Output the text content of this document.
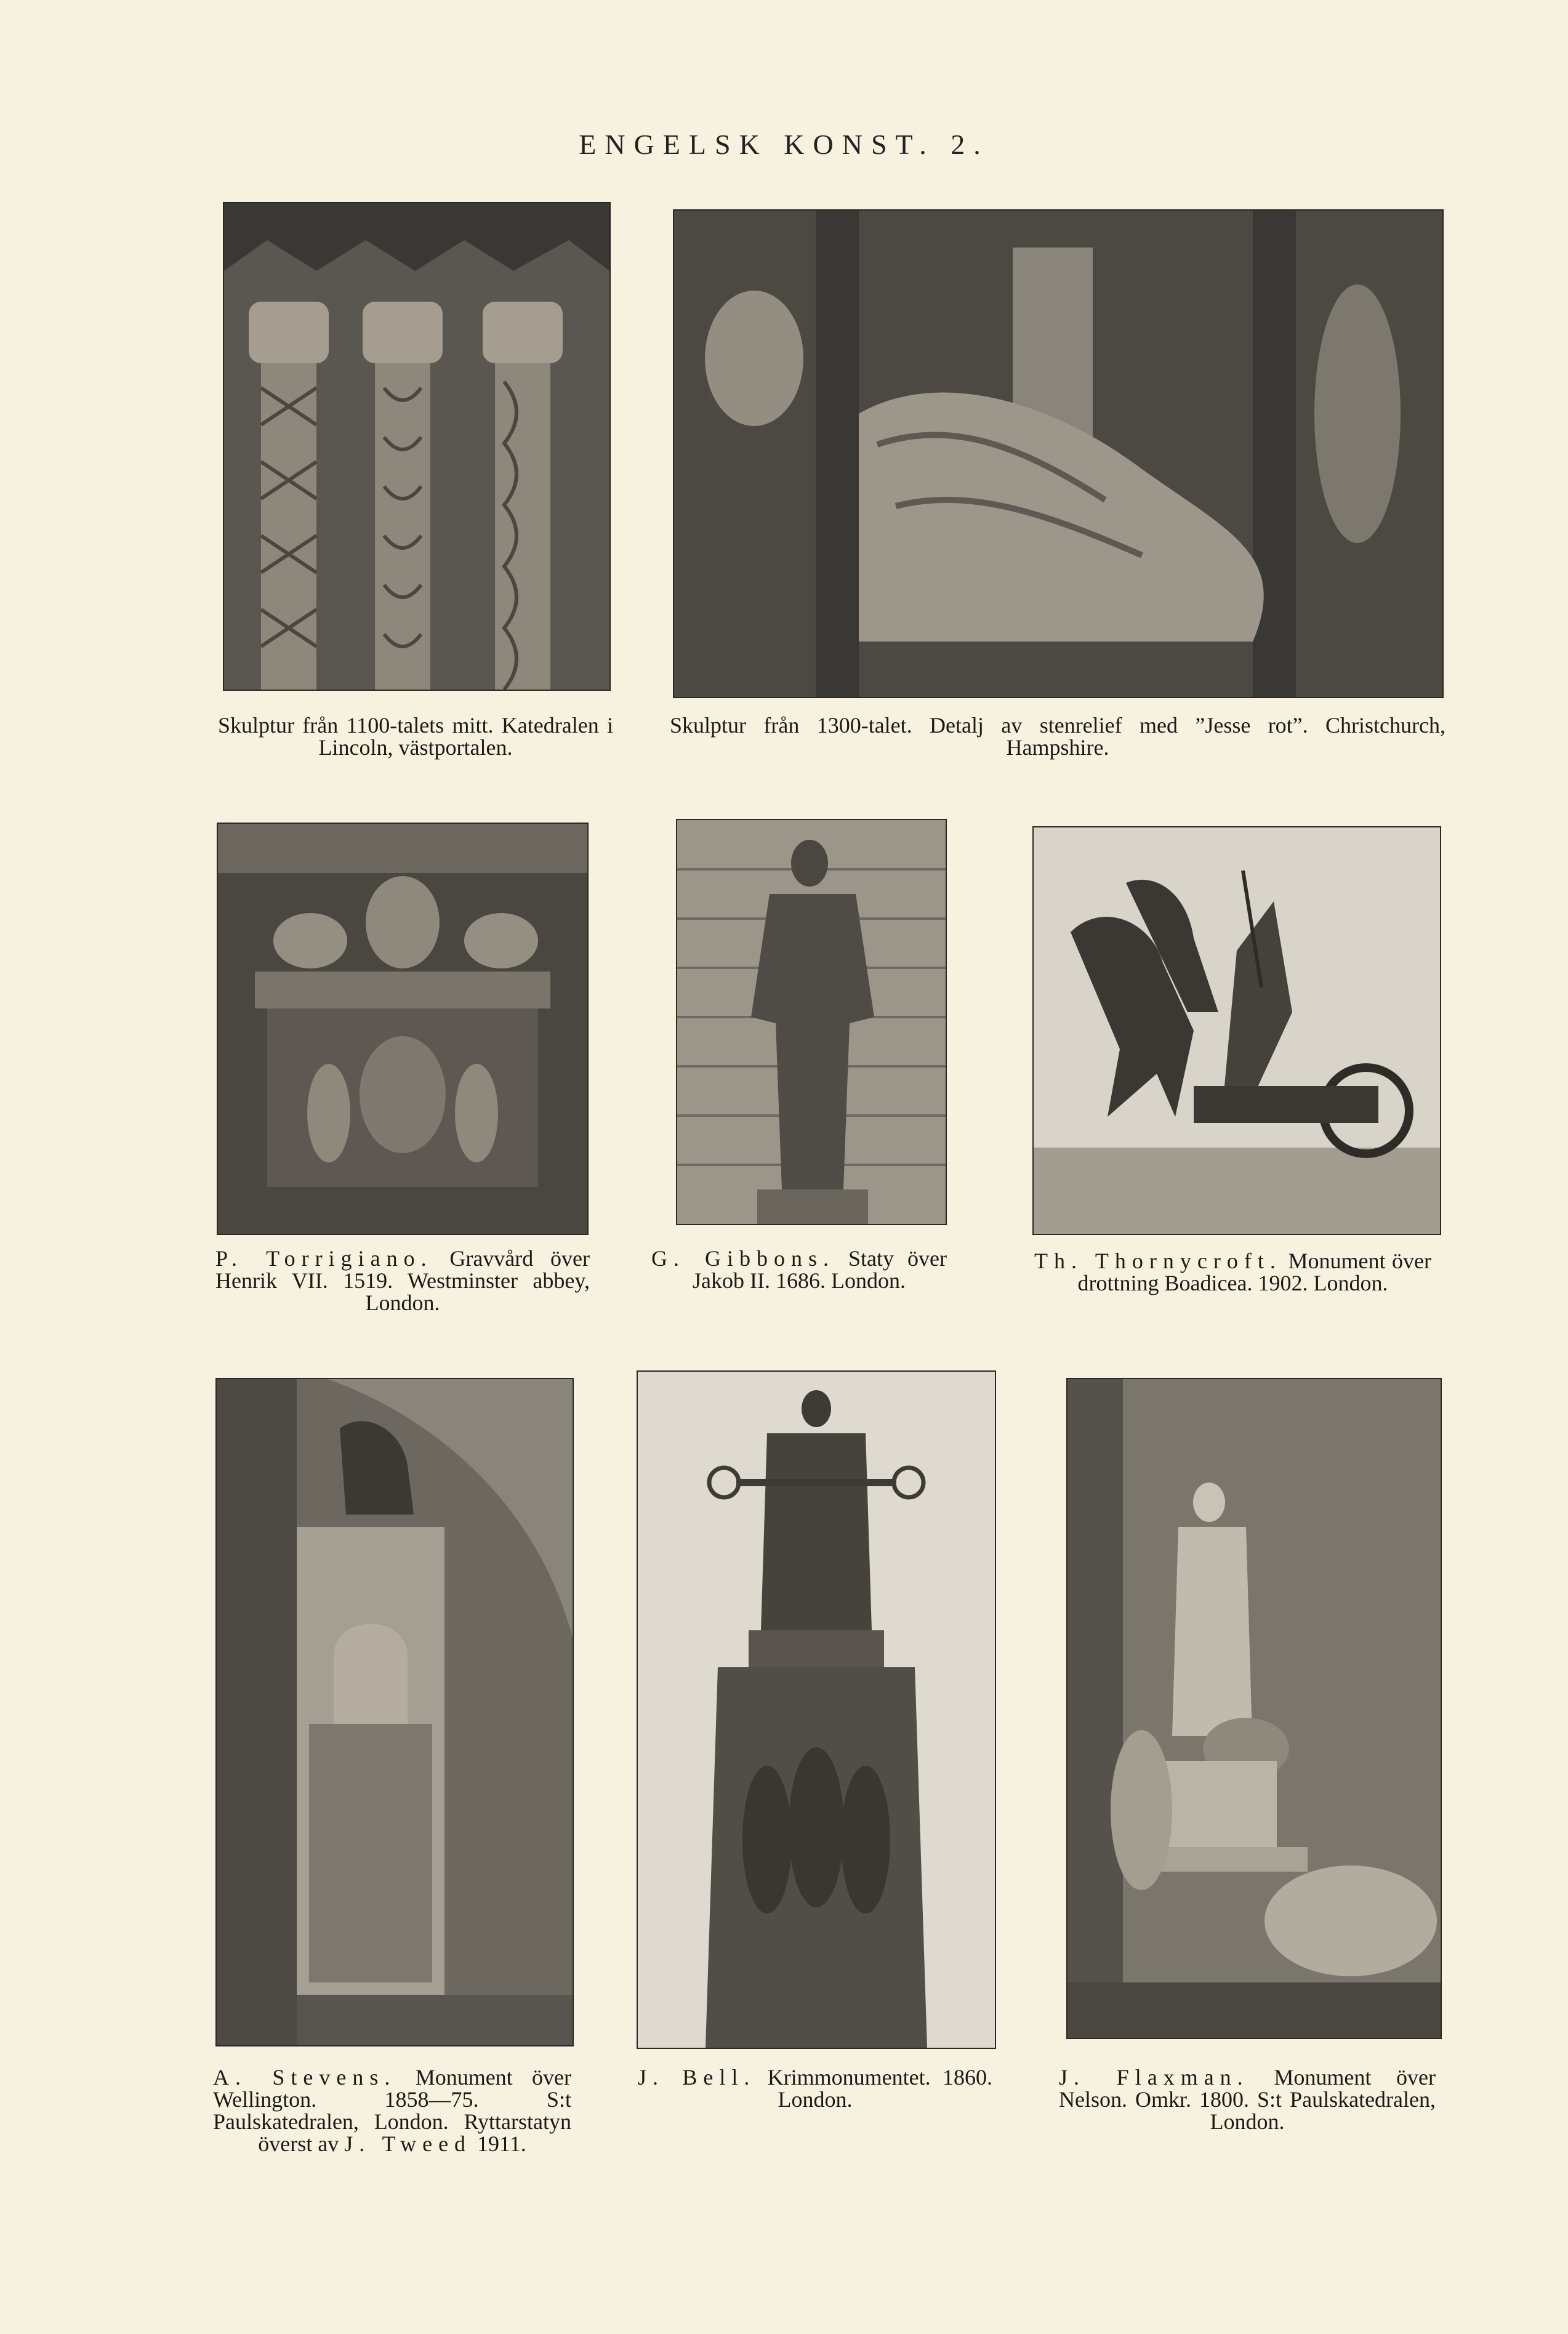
ENGELSK KONST. 2.
Skulptur från 1100-talets mitt. Katedralen i Lincoln, västportalen.
Skulptur från 1300-talet. Detalj av stenrelief med ”Jesse rot”. Christchurch, Hampshire.
P. Torrigiano. Gravvård över Henrik VII. 1519. Westminster abbey, London.
G. Gibbons. Staty över Jakob II. 1686. London.
Th. Thornycroft. Monument över drottning Boadicea. 1902. London.
A. Stevens. Monument över Wellington. 1858—75. S:t Paulskatedralen, London. Ryttarstatyn överst av J. Tweed 1911.
J. Bell. Krimmonumentet. 1860. London.
J. Flaxman. Monument över Nelson. Omkr. 1800. S:t Paulskatedralen, London.
